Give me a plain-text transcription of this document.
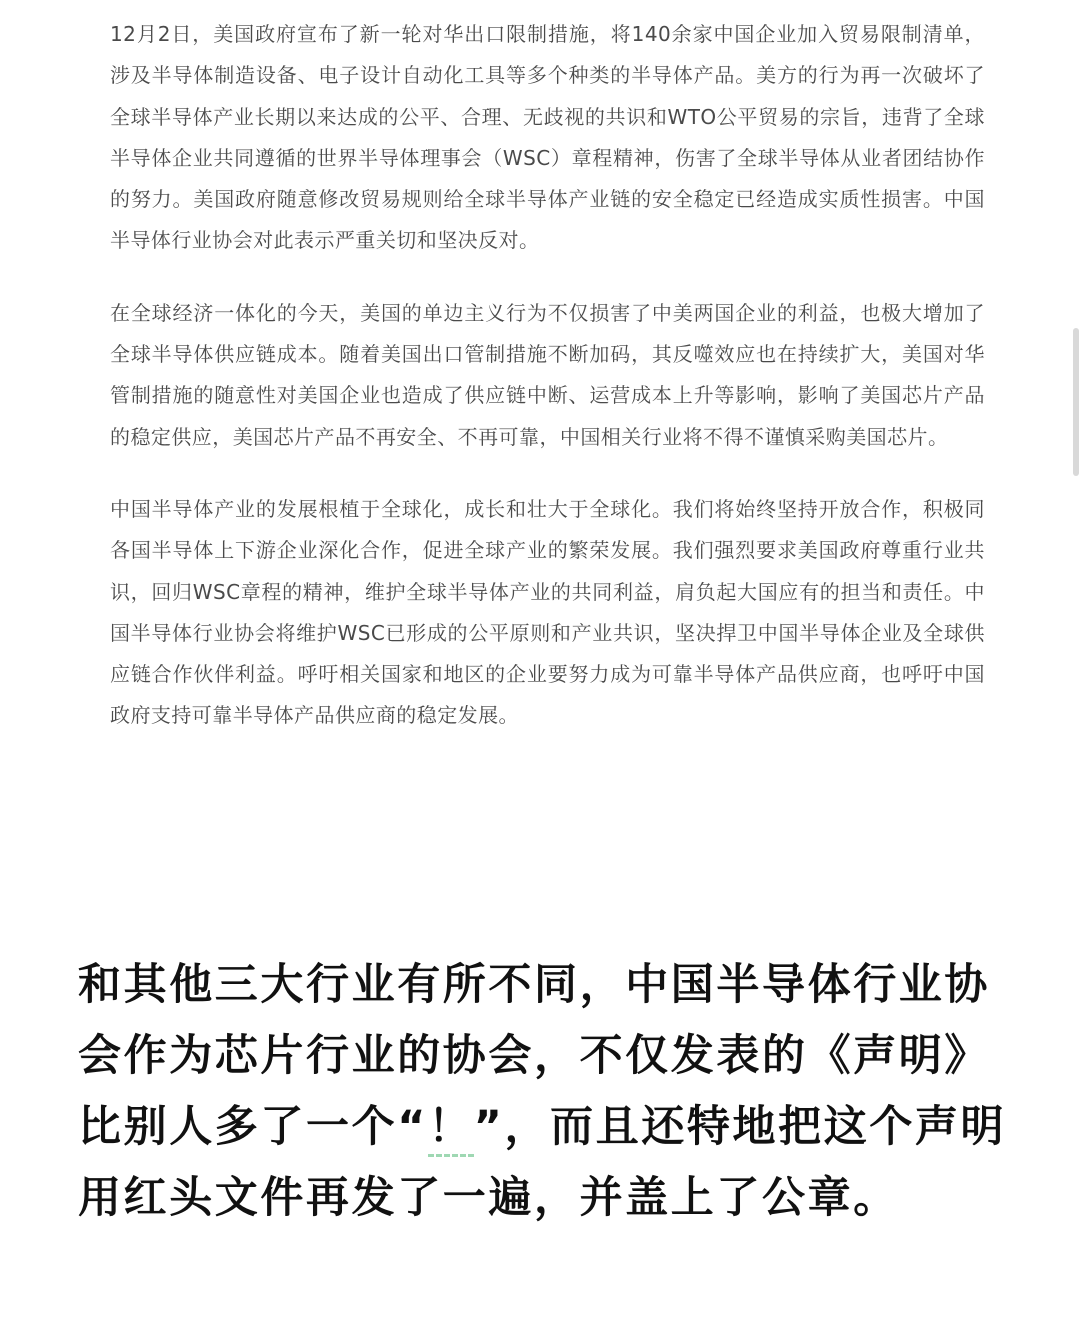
12月2日，美国政府宣布了新一轮对华出口限制措施，将140余家中国企业加入贸易限制清单，涉及半导体制造设备、电子设计自动化工具等多个种类的半导体产品。美方的行为再一次破坏了全球半导体产业长期以来达成的公平、合理、无歧视的共识和WTO公平贸易的宗旨，违背了全球半导体企业共同遵循的世界半导体理事会（WSC）章程精神，伤害了全球半导体从业者团结协作的努力。美国政府随意修改贸易规则给全球半导体产业链的安全稳定已经造成实质性损害。中国半导体行业协会对此表示严重关切和坚决反对。

在全球经济一体化的今天，美国的单边主义行为不仅损害了中美两国企业的利益，也极大增加了全球半导体供应链成本。随着美国出口管制措施不断加码，其反噬效应也在持续扩大，美国对华管制措施的随意性对美国企业也造成了供应链中断、运营成本上升等影响，影响了美国芯片产品的稳定供应，美国芯片产品不再安全、不再可靠，中国相关行业将不得不谨慎采购美国芯片。

中国半导体产业的发展根植于全球化，成长和壮大于全球化。我们将始终坚持开放合作，积极同各国半导体上下游企业深化合作，促进全球产业的繁荣发展。我们强烈要求美国政府尊重行业共识，回归WSC章程的精神，维护全球半导体产业的共同利益，肩负起大国应有的担当和责任。中国半导体行业协会将维护WSC已形成的公平原则和产业共识，坚决捍卫中国半导体企业及全球供应链合作伙伴利益。呼吁相关国家和地区的企业要努力成为可靠半导体产品供应商，也呼吁中国政府支持可靠半导体产品供应商的稳定发展。

和其他三大行业有所不同，中国半导体行业协会作为芯片行业的协会，不仅发表的《声明》比别人多了一个“！”，而且还特地把这个声明用红头文件再发了一遍，并盖上了公章。
